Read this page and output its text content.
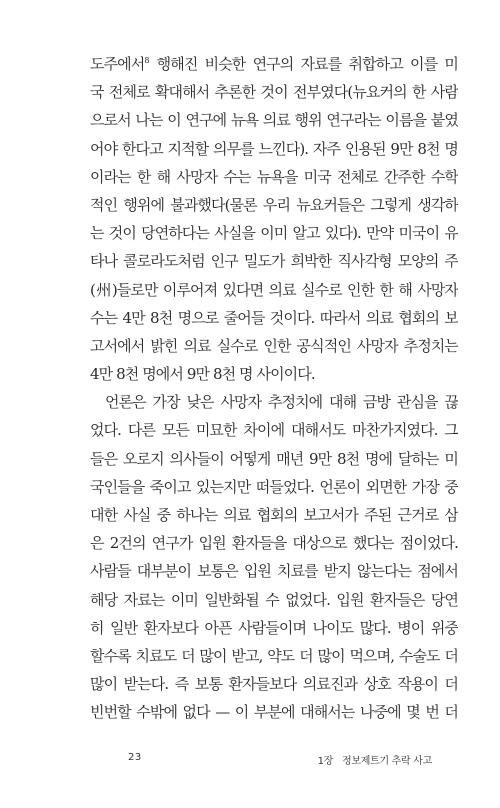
도주에서$^8$ 행해진 비슷한 연구의 자료를 취합하고 이를 미
국 전체로 확대해서 추론한 것이 전부였다(뉴요커의 한 사람
으로서 나는 이 연구에 뉴욕 의료 행위 연구라는 이름을 붙였
어야 한다고 지적할 의무를 느낀다). 자주 인용된 9만 8천 명
이라는 한 해 사망자 수는 뉴욕을 미국 전체로 간주한 수학
적인 행위에 불과했다(물론 우리 뉴요커들은 그렇게 생각하
는 것이 당연하다는 사실을 이미 알고 있다). 만약 미국이 유
타나 콜로라도처럼 인구 밀도가 희박한 직사각형 모양의 주
(州)들로만 이루어져 있다면 의료 실수로 인한 한 해 사망자
수는 4만 8천 명으로 줄어들 것이다. 따라서 의료 협회의 보
고서에서 밝힌 의료 실수로 인한 공식적인 사망자 추정치는
4만 8천 명에서 9만 8천 명 사이이다.
언론은 가장 낮은 사망자 추정치에 대해 금방 관심을 끊
었다. 다른 모든 미묘한 차이에 대해서도 마찬가지였다. 그
들은 오로지 의사들이 어떻게 매년 9만 8천 명에 달하는 미
국인들을 죽이고 있는지만 떠들었다. 언론이 외면한 가장 중
대한 사실 중 하나는 의료 협회의 보고서가 주된 근거로 삼
은 2건의 연구가 입원 환자들을 대상으로 했다는 점이었다.
사람들 대부분이 보통은 입원 치료를 받지 않는다는 점에서
해당 자료는 이미 일반화될 수 없었다. 입원 환자들은 당연
히 일반 환자보다 아픈 사람들이며 나이도 많다. 병이 위중
할수록 치료도 더 많이 받고, 약도 더 많이 먹으며, 수술도 더
많이 받는다. 즉 보통 환자들보다 의료진과 상호 작용이 더
빈번할 수밖에 없다 — 이 부분에 대해서는 나중에 몇 번 더
23	1장 정보제트기 추락 사고
